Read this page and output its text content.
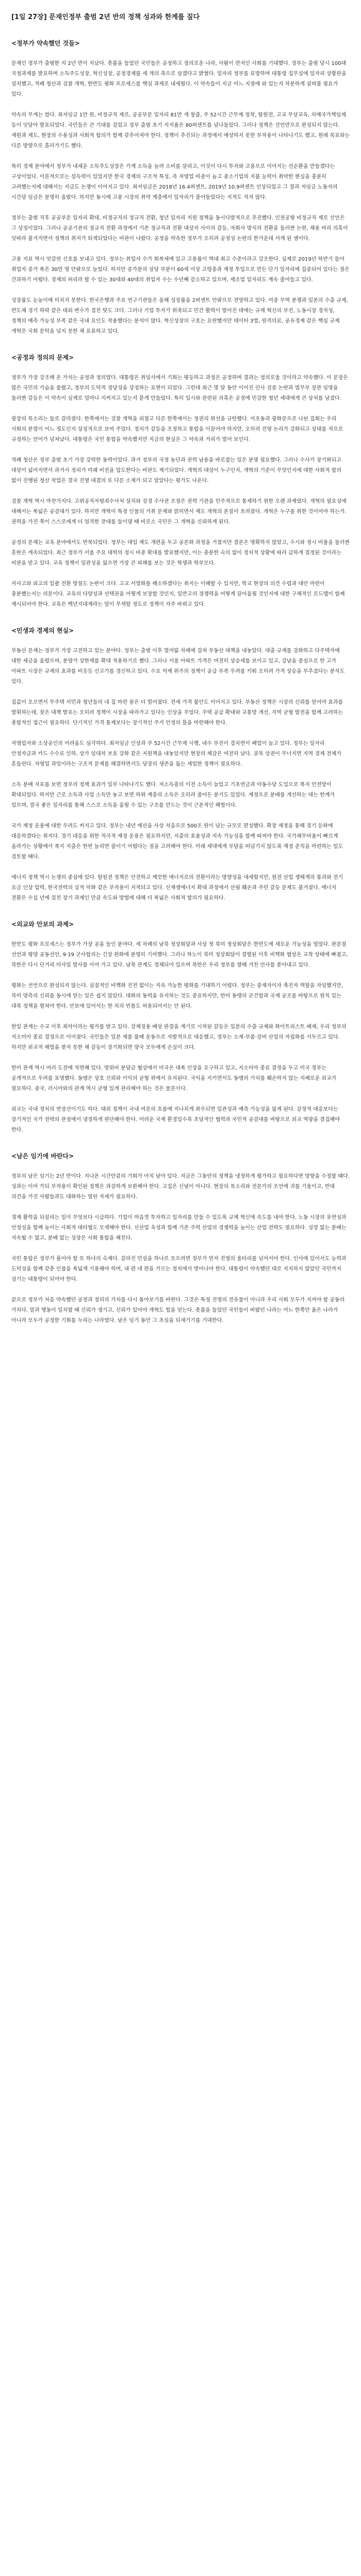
[1일 27장] 문재인정부 출범 2년 반의 정책 성과와 한계를 짚다
<정부가 약속했던 것들>

문재인 정부가 출범한 지 2년 반이 지났다. 촛불을 들었던 국민들은 공정하고 정의로운 나라, 사람이 먼저인 사회를 기대했다. 정부는 출범 당시 100대 국정과제를 발표하며 소득주도성장, 혁신성장, 공정경제를 세 개의 축으로 삼겠다고 밝혔다. 일자리 정부를 표방하며 대통령 집무실에 일자리 상황판을 설치했고, 적폐 청산과 검찰 개혁, 한반도 평화 프로세스를 핵심 과제로 내세웠다. 이 약속들이 지금 어느 지점에 와 있는지 차분하게 살펴볼 필요가 있다.

약속의 무게는 컸다. 최저임금 1만 원, 비정규직 제로, 공공부문 일자리 81만 개 창출, 주 52시간 근무제 정착, 탈원전, 고교 무상교육, 치매국가책임제 등이 잇달아 발표되었다. 국민들은 큰 기대를 걸었고 정부 출범 초기 지지율은 80퍼센트를 넘나들었다. 그러나 정책은 선언만으로 완성되지 않는다. 재원과 제도, 현장의 수용성과 사회적 합의가 함께 갖추어져야 한다. 정책이 추진되는 과정에서 예상하지 못한 부작용이 나타나기도 했고, 원래 목표와는 다른 방향으로 흘러가기도 했다.

특히 경제 분야에서 정부가 내세운 소득주도성장은 가계 소득을 늘려 소비를 살리고, 이것이 다시 투자와 고용으로 이어지는 선순환을 만들겠다는 구상이었다. 이론적으로는 설득력이 있었지만 한국 경제의 구조적 특성, 즉 자영업 비중이 높고 중소기업의 지불 능력이 취약한 현실을 충분히 고려했는지에 대해서는 지금도 논쟁이 이어지고 있다. 최저임금은 2018년 16.4퍼센트, 2019년 10.9퍼센트 인상되었고 그 결과 저임금 노동자의 시간당 임금은 분명히 올랐다. 하지만 동시에 고용 시장의 취약 계층에서 일자리가 줄어들었다는 지적도 적지 않다.

정부는 출범 직후 공공부문 일자리 확대, 비정규직의 정규직 전환, 청년 일자리 지원 정책을 동시다발적으로 추진했다. 인천공항 비정규직 제로 선언은 그 상징이었다. 그러나 공공기관의 정규직 전환 과정에서 기존 정규직과 전환 대상자 사이의 갈등, 자회사 방식의 전환을 둘러싼 논란, 채용 비리 의혹이 잇따라 불거지면서 정책의 취지가 퇴색되었다는 비판이 나왔다. 공정을 약속한 정부가 오히려 공정성 논란의 한가운데 서게 된 셈이다.

고용 지표 역시 엇갈린 신호를 보내고 있다. 정부는 취업자 수가 회복세에 있고 고용률이 역대 최고 수준이라고 강조한다. 실제로 2019년 하반기 들어 취업자 증가 폭은 30만 명 안팎으로 늘었다. 하지만 증가분의 상당 부분이 60세 이상 고령층과 재정 투입으로 만든 단기 일자리에 집중되어 있다는 점은 간과하기 어렵다. 경제의 허리라 할 수 있는 30대와 40대의 취업자 수는 수년째 감소하고 있으며, 제조업 일자리도 계속 줄어들고 있다.

성장률도 눈높이에 미치지 못한다. 한국은행과 주요 연구기관들은 올해 성장률을 2퍼센트 안팎으로 전망하고 있다. 미중 무역 분쟁과 일본의 수출 규제, 반도체 경기 하락 같은 대외 변수가 겹친 탓도 크다. 그러나 기업 투자가 위축되고 민간 활력이 떨어진 데에는 규제 혁신의 부진, 노동시장 경직성, 정책의 예측 가능성 부족 같은 국내 요인도 작용했다는 분석이 많다. 혁신성장의 구호는 요란했지만 데이터 3법, 원격의료, 공유경제 같은 핵심 규제 개혁은 국회 문턱을 넘지 못한 채 표류하고 있다.

<공정과 정의의 문제>

정부가 가장 강조해 온 가치는 공정과 정의였다. 대통령은 취임사에서 기회는 평등하고 과정은 공정하며 결과는 정의로울 것이라고 약속했다. 이 문장은 많은 국민의 가슴을 울렸고, 정부의 도덕적 정당성을 상징하는 표현이 되었다. 그런데 최근 몇 달 동안 이어진 인사 검증 논란과 법무부 장관 임명을 둘러싼 갈등은 이 약속이 실제로 얼마나 지켜지고 있는지 묻게 만들었다. 특히 입시와 관련된 의혹은 공정에 민감한 청년 세대에게 큰 상처를 남겼다.

광장의 목소리는 둘로 갈라졌다. 한쪽에서는 검찰 개혁을 외쳤고 다른 한쪽에서는 정권의 위선을 규탄했다. 서초동과 광화문으로 나뉜 집회는 우리 사회의 분열이 어느 정도인지 상징적으로 보여 주었다. 정치가 갈등을 조정하고 통합을 이끌어야 하지만, 오히려 진영 논리가 강화되고 상대를 적으로 규정하는 언어가 넘쳐났다. 대통령은 국민 통합을 약속했지만 지금의 현실은 그 약속과 거리가 멀어 보인다.

적폐 청산은 정부 출범 초기 가장 강력한 동력이었다. 과거 정부의 국정 농단과 권력 남용을 바로잡는 일은 분명 필요했다. 그러나 수사가 장기화되고 대상이 넓어지면서 과거사 정리가 미래 비전을 압도한다는 비판도 제기되었다. 개혁의 대상이 누구인지, 개혁의 기준이 무엇인지에 대한 사회적 합의 없이 진행된 청산 작업은 결국 진영 대결의 또 다른 소재가 되고 말았다는 평가도 나온다.

검찰 개혁 역시 마찬가지다. 고위공직자범죄수사처 설치와 검경 수사권 조정은 권력 기관을 민주적으로 통제하기 위한 오랜 과제였다. 개혁의 필요성에 대해서는 폭넓은 공감대가 있다. 하지만 개혁이 특정 인물의 거취 문제와 얽히면서 제도 개혁의 본질이 흐려졌다. 개혁은 누구를 위한 것이어야 하는가. 권력을 가진 쪽이 스스로에게 더 엄격한 잣대를 들이댈 때 비로소 국민은 그 개혁을 신뢰하게 된다.

공정의 문제는 교육 분야에서도 반복되었다. 정부는 대입 제도 개편을 두고 공론화 과정을 거쳤지만 결론은 명확하지 않았고, 수시와 정시 비율을 둘러싼 혼란은 계속되었다. 최근 정부가 서울 주요 대학의 정시 비중 확대를 발표했지만, 이는 충분한 숙의 없이 정치적 상황에 따라 급하게 결정된 것이라는 비판을 받고 있다. 교육 정책이 일관성을 잃으면 가장 큰 피해를 보는 것은 학생과 학부모다.

자사고와 외고의 일괄 전환 방침도 논란이 크다. 고교 서열화를 해소하겠다는 취지는 이해할 수 있지만, 학교 현장의 의견 수렴과 대안 마련이 충분했는지는 의문이다. 교육의 다양성과 선택권을 어떻게 보장할 것인지, 일반고의 경쟁력을 어떻게 끌어올릴 것인지에 대한 구체적인 로드맵이 함께 제시되어야 한다. 교육은 백년지대계라는 말이 무색할 정도로 정책이 자주 바뀌고 있다.

<민생과 경제의 현실>

부동산 문제는 정부가 가장 고전하고 있는 분야다. 정부는 출범 이후 열여덟 차례에 걸쳐 부동산 대책을 내놓았다. 대출 규제를 강화하고 다주택자에 대한 세금을 올렸으며, 분양가 상한제를 확대 적용하기로 했다. 그러나 서울 아파트 가격은 여전히 상승세를 보이고 있고, 강남을 중심으로 한 고가 아파트 시장은 규제의 효과를 비웃듯 신고가를 경신하고 있다. 수요 억제 위주의 정책이 공급 부족 우려를 키워 오히려 가격 상승을 부추겼다는 분석도 있다.

집값이 오르면서 무주택 서민과 청년들의 내 집 마련 꿈은 더 멀어졌다. 전세 가격 불안도 이어지고 있다. 부동산 정책은 시장의 신뢰를 얻어야 효과를 발휘하는데, 잦은 대책 발표는 오히려 정책이 시장을 따라가고 있다는 인상을 주었다. 주택 공급 확대와 교통망 개선, 지역 균형 발전을 함께 고려하는 종합적인 접근이 필요하다. 단기적인 가격 통제보다는 장기적인 주거 안정의 틀을 마련해야 한다.

자영업자와 소상공인의 어려움도 심각하다. 최저임금 인상과 주 52시간 근무제 시행, 내수 부진이 겹치면서 폐업이 늘고 있다. 정부는 일자리 안정자금과 카드 수수료 인하, 상가 임대차 보호 강화 같은 지원책을 내놓았지만 현장의 체감은 여전히 낮다. 골목 상권이 무너지면 지역 경제 전체가 흔들린다. 자영업 과잉이라는 구조적 문제를 해결하면서도 당장의 생존을 돕는 세밀한 정책이 필요하다.

소득 분배 지표를 보면 정부의 정책 효과가 일부 나타나기도 했다. 저소득층의 이전 소득이 늘었고 기초연금과 아동수당 도입으로 복지 안전망이 확대되었다. 하지만 근로 소득과 사업 소득만 놓고 보면 하위 계층의 소득은 오히려 줄어든 분기도 있었다. 재정으로 분배를 개선하는 데는 한계가 있으며, 결국 좋은 일자리를 통해 스스로 소득을 올릴 수 있는 구조를 만드는 것이 근본적인 해법이다.

국가 재정 운용에 대한 우려도 커지고 있다. 정부는 내년 예산을 사상 처음으로 500조 원이 넘는 규모로 편성했다. 확장 재정을 통해 경기 둔화에 대응하겠다는 취지다. 경기 대응을 위한 적극적 재정 운용은 필요하지만, 지출의 효율성과 지속 가능성을 함께 따져야 한다. 국가채무비율이 빠르게 올라가는 상황에서 복지 지출은 한번 늘리면 줄이기 어렵다는 점을 고려해야 한다. 미래 세대에게 부담을 떠넘기지 않도록 재정 준칙을 마련하는 일도 검토할 때다.

에너지 정책 역시 논쟁의 중심에 있다. 탈원전 정책은 안전하고 깨끗한 에너지로의 전환이라는 방향성을 내세웠지만, 원전 산업 생태계의 붕괴와 전기 요금 인상 압력, 한국전력의 실적 악화 같은 부작용이 지적되고 있다. 신재생에너지 확대 과정에서 산림 훼손과 주민 갈등 문제도 불거졌다. 에너지 전환은 수십 년에 걸친 장기 과제인 만큼 속도와 방법에 대해 더 폭넓은 사회적 합의가 필요하다.

<외교와 안보의 과제>

한반도 평화 프로세스는 정부가 가장 공을 들인 분야다. 세 차례의 남북 정상회담과 사상 첫 북미 정상회담은 한반도에 새로운 가능성을 열었다. 판문점 선언과 평양 공동선언, 9·19 군사합의는 긴장 완화에 분명히 기여했다. 그러나 하노이 북미 정상회담이 결렬된 이후 비핵화 협상은 교착 상태에 빠졌고, 북한은 다시 단거리 미사일 발사를 이어 가고 있다. 남북 관계도 정체되어 있으며 북한은 우리 정부를 향해 거친 언사를 쏟아내고 있다.

평화는 선언으로 완성되지 않는다. 실질적인 비핵화 진전 없이는 지속 가능한 평화를 기대하기 어렵다. 정부는 중재자이자 촉진자 역할을 자임했지만, 북미 양측의 신뢰를 동시에 얻는 일은 쉽지 않았다. 대화의 동력을 유지하는 것도 중요하지만, 한미 동맹의 굳건함과 국제 공조를 바탕으로 원칙 있는 대북 정책을 펼쳐야 한다. 안보에 있어서는 한 치의 빈틈도 허용되어서는 안 된다.

한일 관계는 수교 이후 최악이라는 평가를 받고 있다. 강제징용 배상 판결을 계기로 시작된 갈등은 일본의 수출 규제와 화이트리스트 배제, 우리 정부의 지소미아 종료 결정으로 이어졌다. 국민들은 일본 제품 불매 운동으로 자발적으로 대응했고, 정부는 소재·부품·장비 산업의 자립화를 서두르고 있다. 하지만 외교적 해법을 찾지 못한 채 갈등이 장기화되면 양국 모두에게 손실이 크다.

한미 관계 역시 여러 도전에 직면해 있다. 방위비 분담금 협상에서 미국은 대폭 인상을 요구하고 있고, 지소미아 종료 결정을 두고 미국 정부는 공개적으로 우려를 표명했다. 동맹은 상호 신뢰와 이익의 균형 위에서 유지된다. 국익을 지키면서도 동맹의 가치를 훼손하지 않는 지혜로운 외교가 필요하다. 중국, 러시아와의 관계 역시 균형 있게 관리해야 하는 것은 물론이다.

외교는 국내 정치의 연장선이기도 하다. 대외 정책이 국내 여론의 흐름에 지나치게 좌우되면 일관성과 예측 가능성을 잃게 된다. 감정적 대응보다는 장기적인 국가 전략의 관점에서 냉정하게 판단해야 한다. 어려운 국제 환경일수록 초당적인 협력과 국민적 공감대를 바탕으로 외교 역량을 결집해야 한다.

<남은 임기에 바란다>

정부의 남은 임기는 2년 반이다. 지나온 시간만큼의 기회가 아직 남아 있다. 지금은 그동안의 정책을 냉정하게 평가하고 필요하다면 방향을 수정할 때다. 성과는 이어 가되 부작용이 확인된 정책은 과감하게 보완해야 한다. 고집은 신념이 아니다. 현장의 목소리와 전문가의 조언에 귀를 기울이고, 반대 의견을 가진 사람들과도 대화하는 열린 자세가 필요하다.

경제 활력을 되살리는 일이 무엇보다 시급하다. 기업이 마음껏 투자하고 일자리를 만들 수 있도록 규제 혁신에 속도를 내야 한다. 노동 시장의 유연성과 안정성을 함께 높이는 사회적 대타협도 모색해야 한다. 신산업 육성과 함께 기존 주력 산업의 경쟁력을 높이는 산업 전략도 필요하다. 성장 없는 분배는 지속될 수 없고, 분배 없는 성장은 사회 통합을 해친다.

국민 통합은 정부가 풀어야 할 또 하나의 숙제다. 갈라진 민심을 하나로 모으려면 정부가 먼저 진영의 울타리를 넘어서야 한다. 인사에 있어서도 능력과 도덕성을 함께 갖춘 인물을 폭넓게 기용해야 하며, 내 편 네 편을 가르는 정치에서 벗어나야 한다. 대통령이 약속했던 대로 지지하지 않았던 국민까지 섬기는 대통령이 되어야 한다.

끝으로 정부가 처음 약속했던 공정과 정의의 가치를 다시 돌아보기를 바란다. 그것은 특정 진영의 전유물이 아니라 우리 사회 모두가 지켜야 할 공동의 가치다. 말과 행동이 일치할 때 신뢰가 생기고, 신뢰가 있어야 개혁도 힘을 얻는다. 촛불을 들었던 국민들이 바랐던 나라는 어느 한쪽만 옳은 나라가 아니라 모두가 공정한 기회를 누리는 나라였다. 남은 임기 동안 그 초심을 되새기기를 기대한다.
